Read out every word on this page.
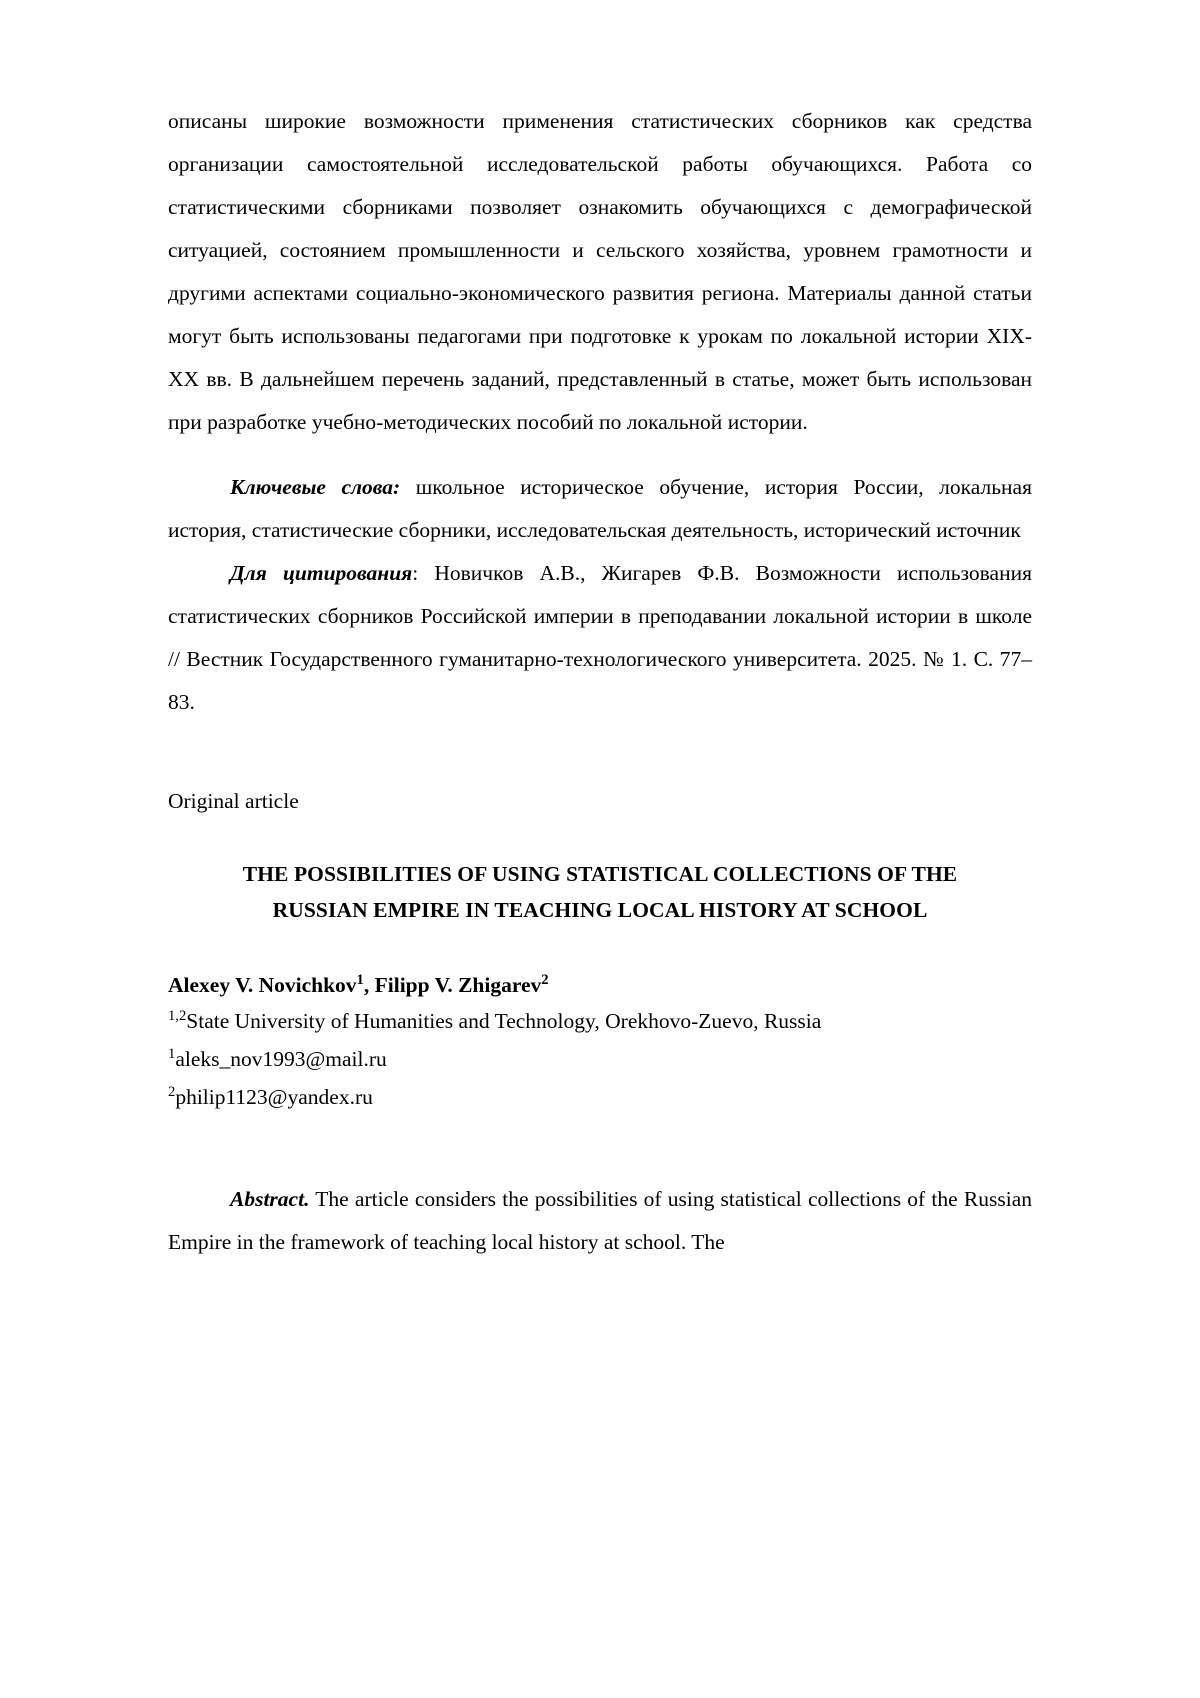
описаны широкие возможности применения статистических сборников как средства организации самостоятельной исследовательской работы обучающихся. Работа со статистическими сборниками позволяет ознакомить обучающихся с демографической ситуацией, состоянием промышленности и сельского хозяйства, уровнем грамотности и другими аспектами социально-экономического развития региона. Материалы данной статьи могут быть использованы педагогами при подготовке к урокам по локальной истории XIX-XX вв. В дальнейшем перечень заданий, представленный в статье, может быть использован при разработке учебно-методических пособий по локальной истории.

Ключевые слова: школьное историческое обучение, история России, локальная история, статистические сборники, исследовательская деятельность, исторический источник

Для цитирования: Новичков А.В., Жигарев Ф.В. Возможности использования статистических сборников Российской империи в преподавании локальной истории в школе // Вестник Государственного гуманитарно-технологического университета. 2025. № 1. С. 77–83.

Original article

THE POSSIBILITIES OF USING STATISTICAL COLLECTIONS OF THE

RUSSIAN EMPIRE IN TEACHING LOCAL HISTORY AT SCHOOL

Alexey V. Novichkov$^1$, Filipp V. Zhigarev$^2$

$^{1,2}$State University of Humanities and Technology, Orekhovo-Zuevo, Russia

$^1$aleks_nov1993@mail.ru

$^2$philip1123@yandex.ru

Abstract. The article considers the possibilities of using statistical collections of the Russian Empire in the framework of teaching local history at school. The
